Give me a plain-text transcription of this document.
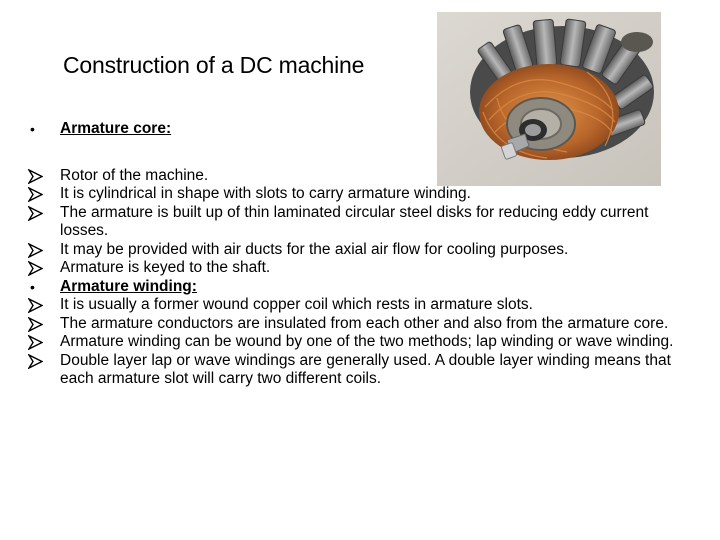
Construction of a DC machine
•	Armature core:
Rotor of the machine.
It is cylindrical in shape with slots to carry armature winding.
The armature is built up of thin laminated circular steel disks for reducing eddy current losses.
It may be provided with air ducts for the axial air flow for cooling purposes.
Armature is keyed to the shaft.
•	Armature winding:
It is usually a former wound copper coil which rests in armature slots.
The armature conductors are insulated from each other and also from the armature core.
Armature winding can be wound by one of the two methods; lap winding or wave winding.
Double layer lap or wave windings are generally used. A double layer winding means that each armature slot will carry two different coils.
